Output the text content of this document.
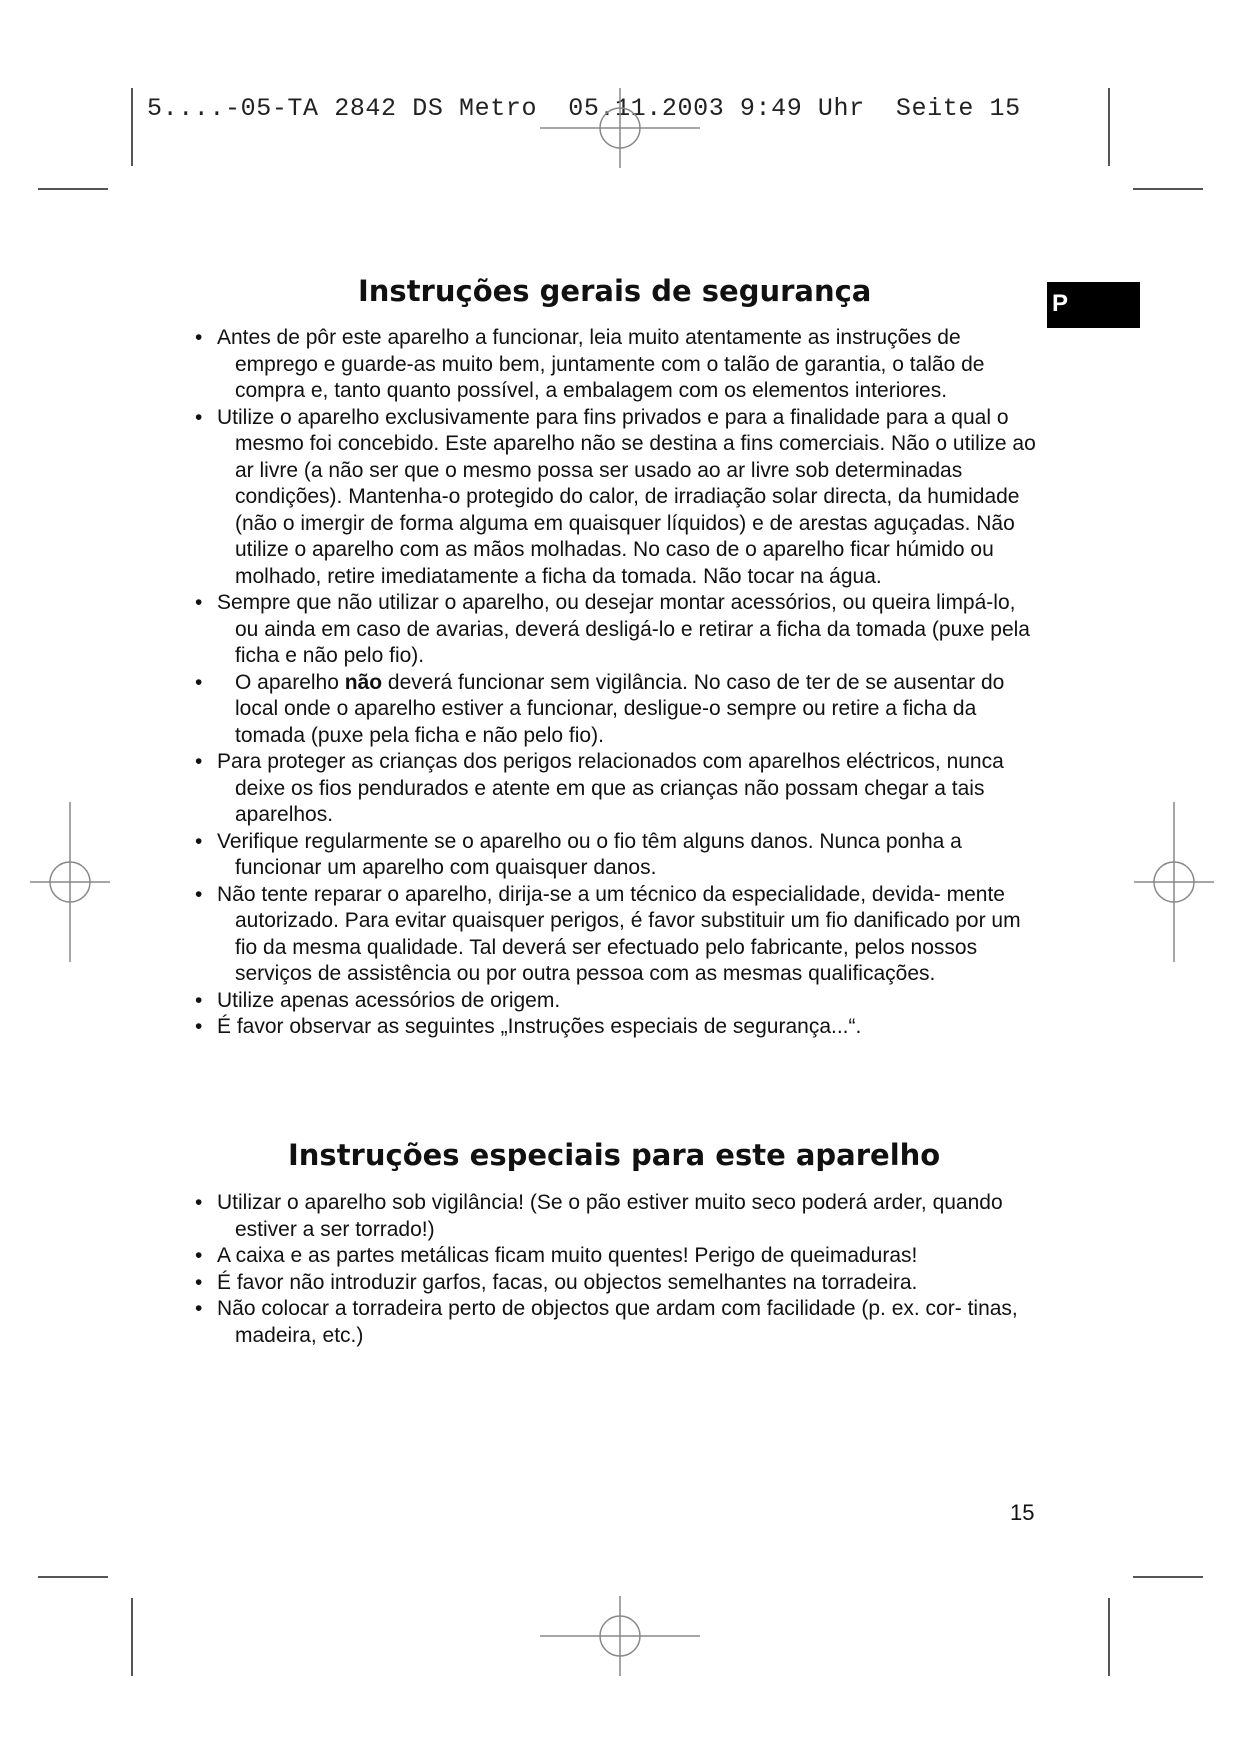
5....-05-TA 2842 DS Metro  05.11.2003 9:49 Uhr  Seite 15
P
Instruções gerais de segurança
• Antes de pôr este aparelho a funcionar, leia muito atentamente as instruções de emprego e guarde-as muito bem, juntamente com o talão de garantia, o talão de compra e, tanto quanto possível, a embalagem com os elementos interiores.
• Utilize o aparelho exclusivamente para fins privados e para a finalidade para a qual o mesmo foi concebido. Este aparelho não se destina a fins comerciais. Não o utilize ao ar livre (a não ser que o mesmo possa ser usado ao ar livre sob determinadas condições). Mantenha-o protegido do calor, de irradiação solar directa, da humidade (não o imergir de forma alguma em quaisquer líquidos) e de arestas aguçadas. Não utilize o aparelho com as mãos molhadas. No caso de o aparelho ficar húmido ou molhado, retire imediatamente a ficha da tomada. Não tocar na água.
• Sempre que não utilizar o aparelho, ou desejar montar acessórios, ou queira limpá-lo, ou ainda em caso de avarias, deverá desligá-lo e retirar a ficha da tomada (puxe pela ficha e não pelo fio).
• O aparelho não deverá funcionar sem vigilância. No caso de ter de se ausentar do local onde o aparelho estiver a funcionar, desligue-o sempre ou retire a ficha da tomada (puxe pela ficha e não pelo fio).
• Para proteger as crianças dos perigos relacionados com aparelhos eléctricos, nunca deixe os fios pendurados e atente em que as crianças não possam chegar a tais aparelhos.
• Verifique regularmente se o aparelho ou o fio têm alguns danos. Nunca ponha a funcionar um aparelho com quaisquer danos.
• Não tente reparar o aparelho, dirija-se a um técnico da especialidade, devida- mente autorizado. Para evitar quaisquer perigos, é favor substituir um fio danificado por um fio da mesma qualidade. Tal deverá ser efectuado pelo fabricante, pelos nossos serviços de assistência ou por outra pessoa com as mesmas qualificações.
• Utilize apenas acessórios de origem.
• É favor observar as seguintes „Instruções especiais de segurança...“.
Instruções especiais para este aparelho
• Utilizar o aparelho sob vigilância! (Se o pão estiver muito seco poderá arder, quando estiver a ser torrado!)
• A caixa e as partes metálicas ficam muito quentes! Perigo de queimaduras!
• É favor não introduzir garfos, facas, ou objectos semelhantes na torradeira.
• Não colocar a torradeira perto de objectos que ardam com facilidade (p. ex. cor- tinas, madeira, etc.)
15
